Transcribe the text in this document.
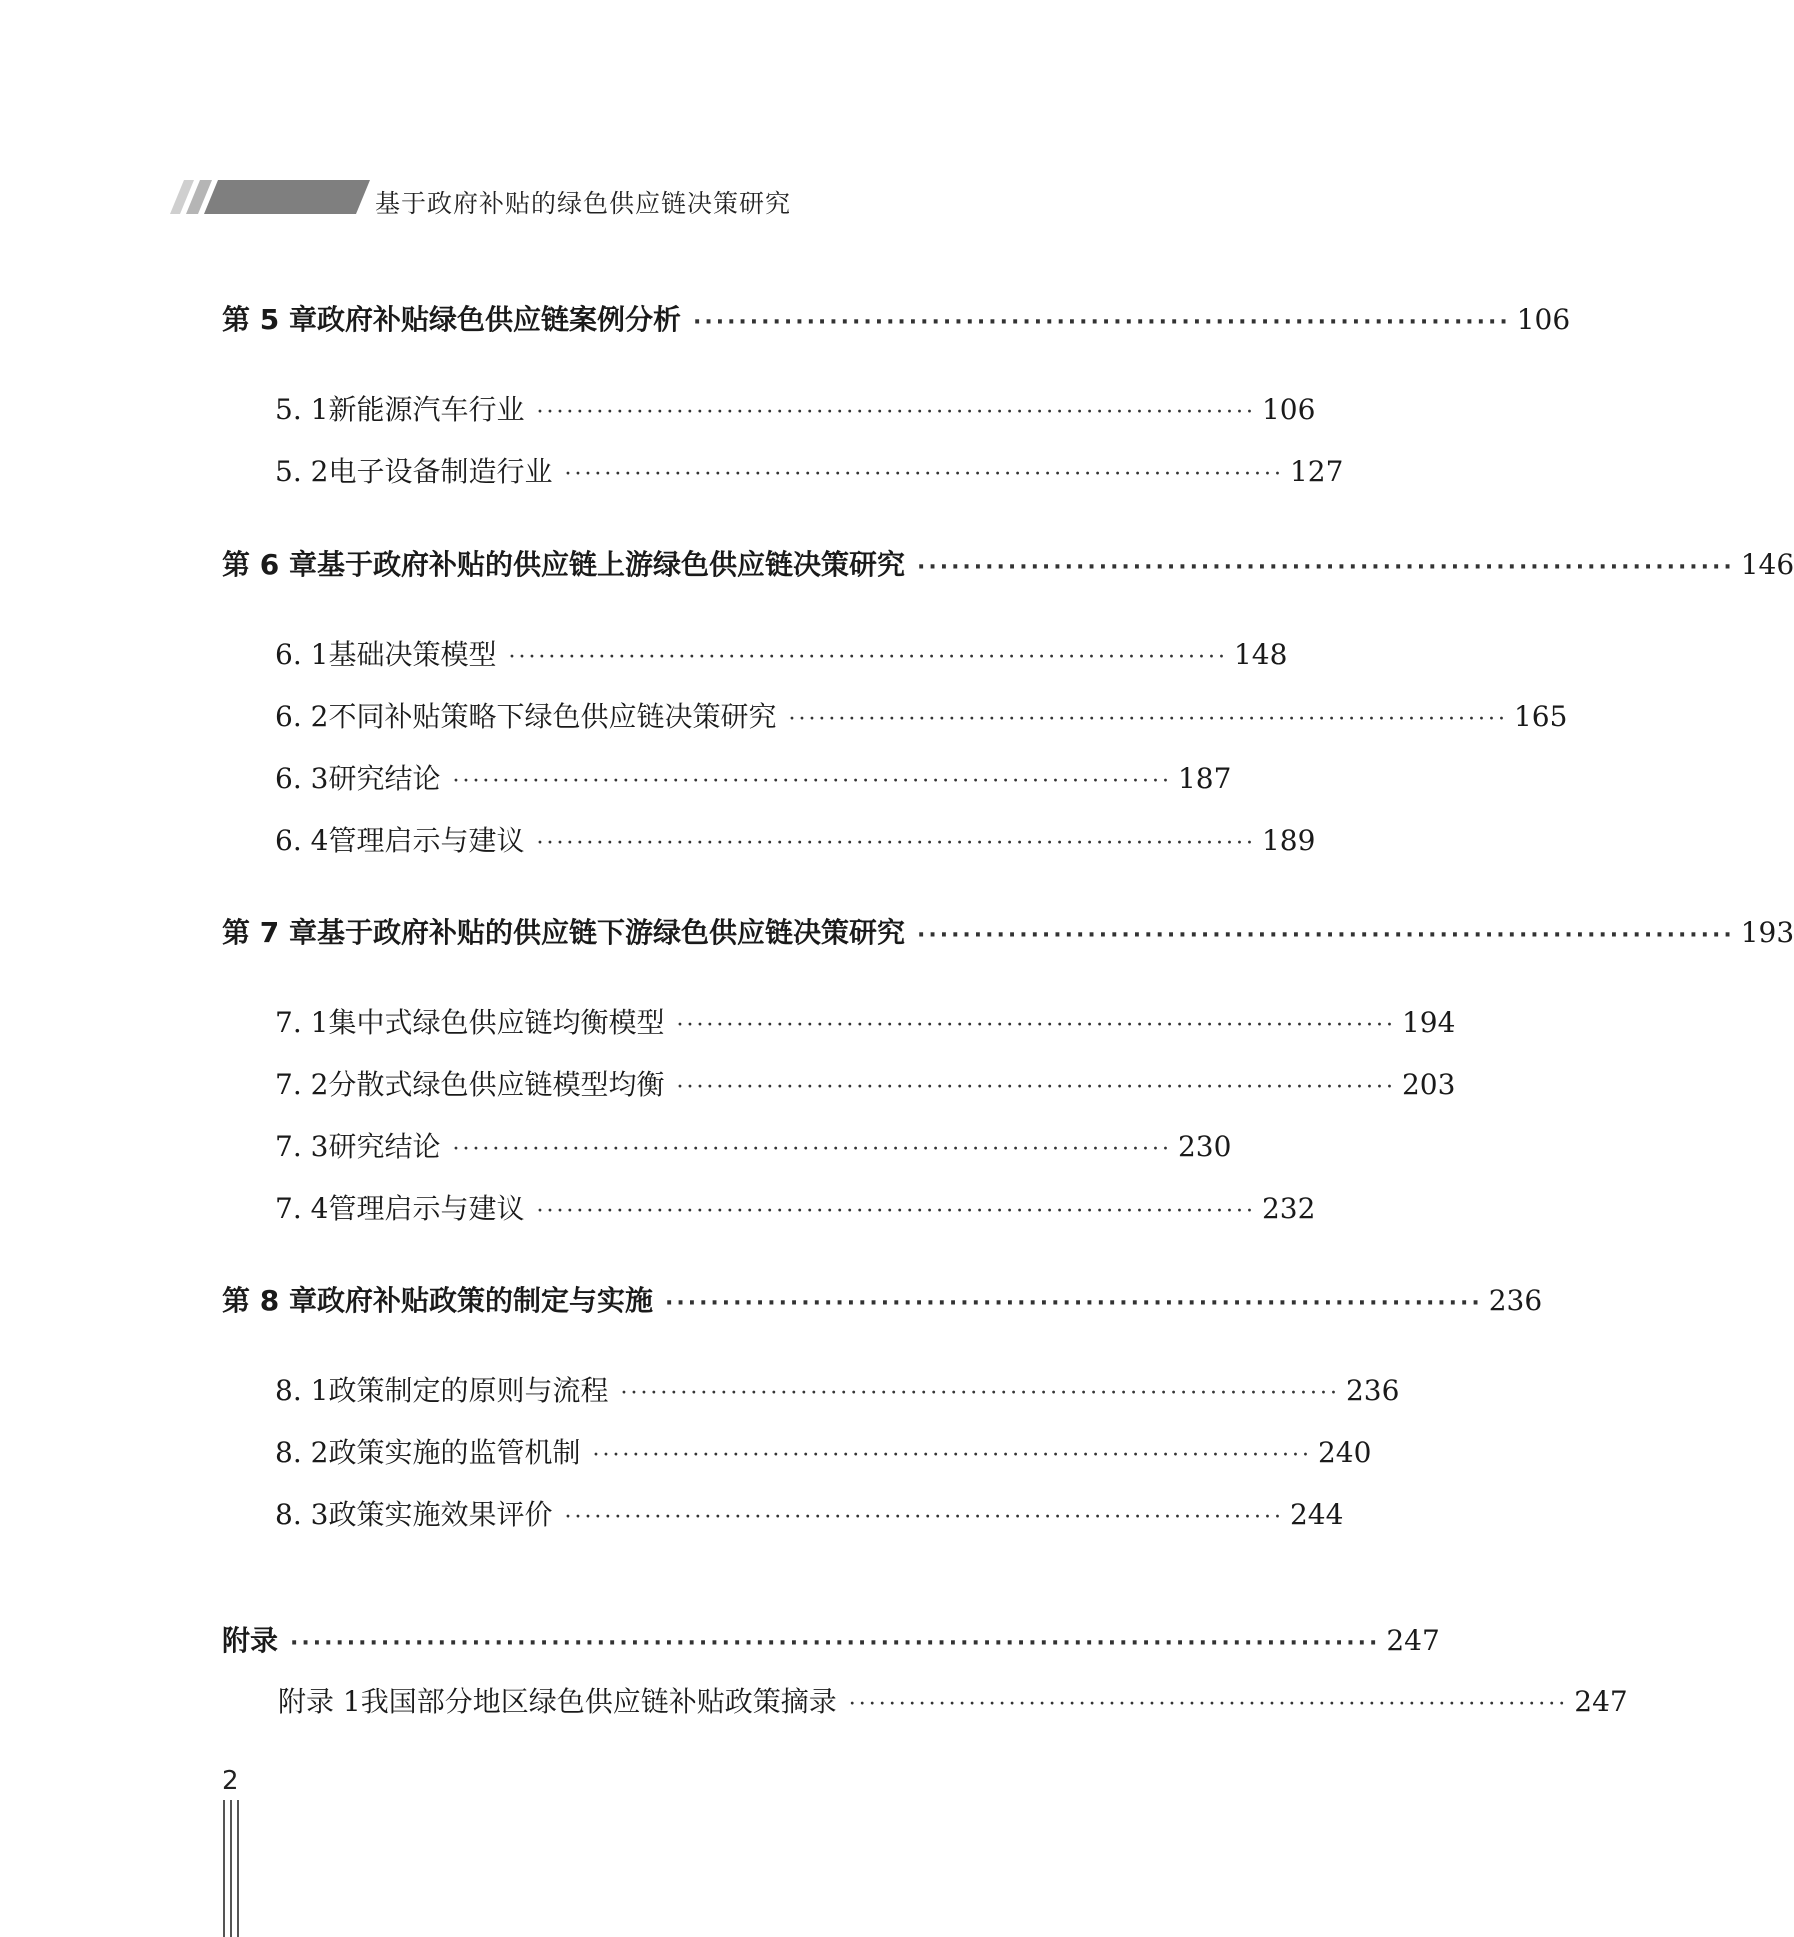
基于政府补贴的绿色供应链决策研究
第 5 章 政府补贴绿色供应链案例分析 ········································································ 106
5. 1 新能源汽车行业 ········································································ 106
5. 2 电子设备制造行业 ········································································ 127
第 6 章 基于政府补贴的供应链上游绿色供应链决策研究 ········································································ 146
6. 1 基础决策模型 ········································································ 148
6. 2 不同补贴策略下绿色供应链决策研究 ········································································ 165
6. 3 研究结论 ········································································ 187
6. 4 管理启示与建议 ········································································ 189
第 7 章 基于政府补贴的供应链下游绿色供应链决策研究 ········································································ 193
7. 1 集中式绿色供应链均衡模型 ········································································ 194
7. 2 分散式绿色供应链模型均衡 ········································································ 203
7. 3 研究结论 ········································································ 230
7. 4 管理启示与建议 ········································································ 232
第 8 章 政府补贴政策的制定与实施 ········································································ 236
8. 1 政策制定的原则与流程 ········································································ 236
8. 2 政策实施的监管机制 ········································································ 240
8. 3 政策实施效果评价 ········································································ 244
附录 ································································································ 247
附录 1 我国部分地区绿色供应链补贴政策摘录 ········································································ 247
2
